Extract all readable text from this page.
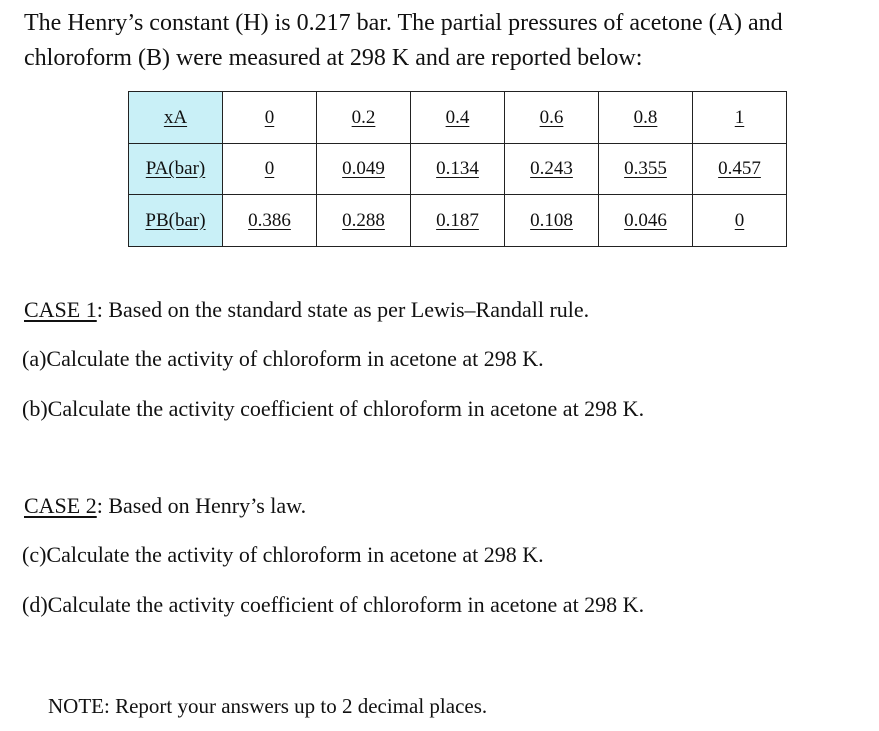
The Henry’s constant (H) is 0.217 bar. The partial pressures of acetone (A) and
chloroform (B) were measured at 298 K and are reported below:

xA	0	0.2	0.4	0.6	0.8	1
PA(bar)	0	0.049	0.134	0.243	0.355	0.457
PB(bar)	0.386	0.288	0.187	0.108	0.046	0

CASE 1: Based on the standard state as per Lewis–Randall rule.

(a)Calculate the activity of chloroform in acetone at 298 K.

(b)Calculate the activity coefficient of chloroform in acetone at 298 K.

CASE 2: Based on Henry’s law.

(c)Calculate the activity of chloroform in acetone at 298 K.

(d)Calculate the activity coefficient of chloroform in acetone at 298 K.

NOTE: Report your answers up to 2 decimal places.
